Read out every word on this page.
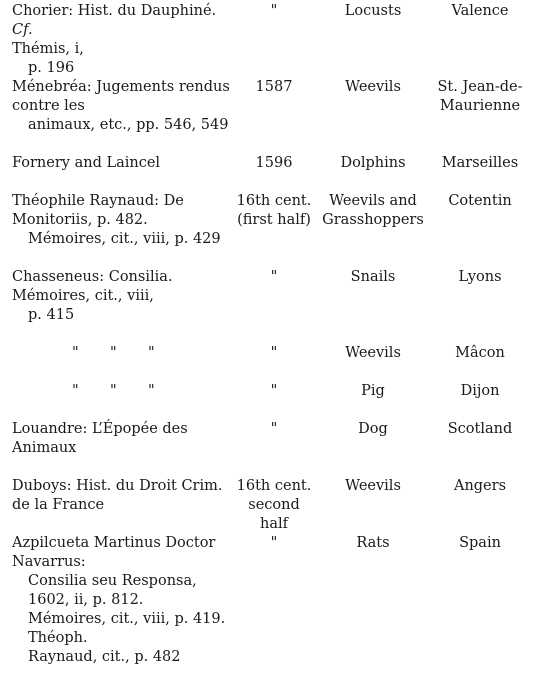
Chorier: Hist. du Dauphiné. Cf.
Thémis, i,
p. 196	"	Locusts	Valence

Ménebréa: Jugements rendus contre les
animaux, etc., pp. 546, 549	1587	Weevils	St. Jean-de-
Maurienne

Fornery and Laincel	1596	Dolphins	Marseilles

Théophile Raynaud: De Monitoriis, p. 482.
Mémoires, cit., viii, p. 429	16th cent.
(first half)	Weevils and
Grasshoppers	Cotentin

Chasseneus: Consilia. Mémoires, cit., viii,
p. 415	"	Snails	Lyons

" " "	"	Weevils	Mâcon

" " "	"	Pig	Dijon

Louandre: L’Épopée des Animaux	"	Dog	Scotland

Duboys: Hist. du Droit Crim. de la France	16th cent.
second half	Weevils	Angers

Azpilcueta Martinus Doctor Navarrus:
Consilia seu Responsa, 1602, ii, p. 812.
Mémoires, cit., viii, p. 419. Théoph.
Raynaud, cit., p. 482	"	Rats	Spain
